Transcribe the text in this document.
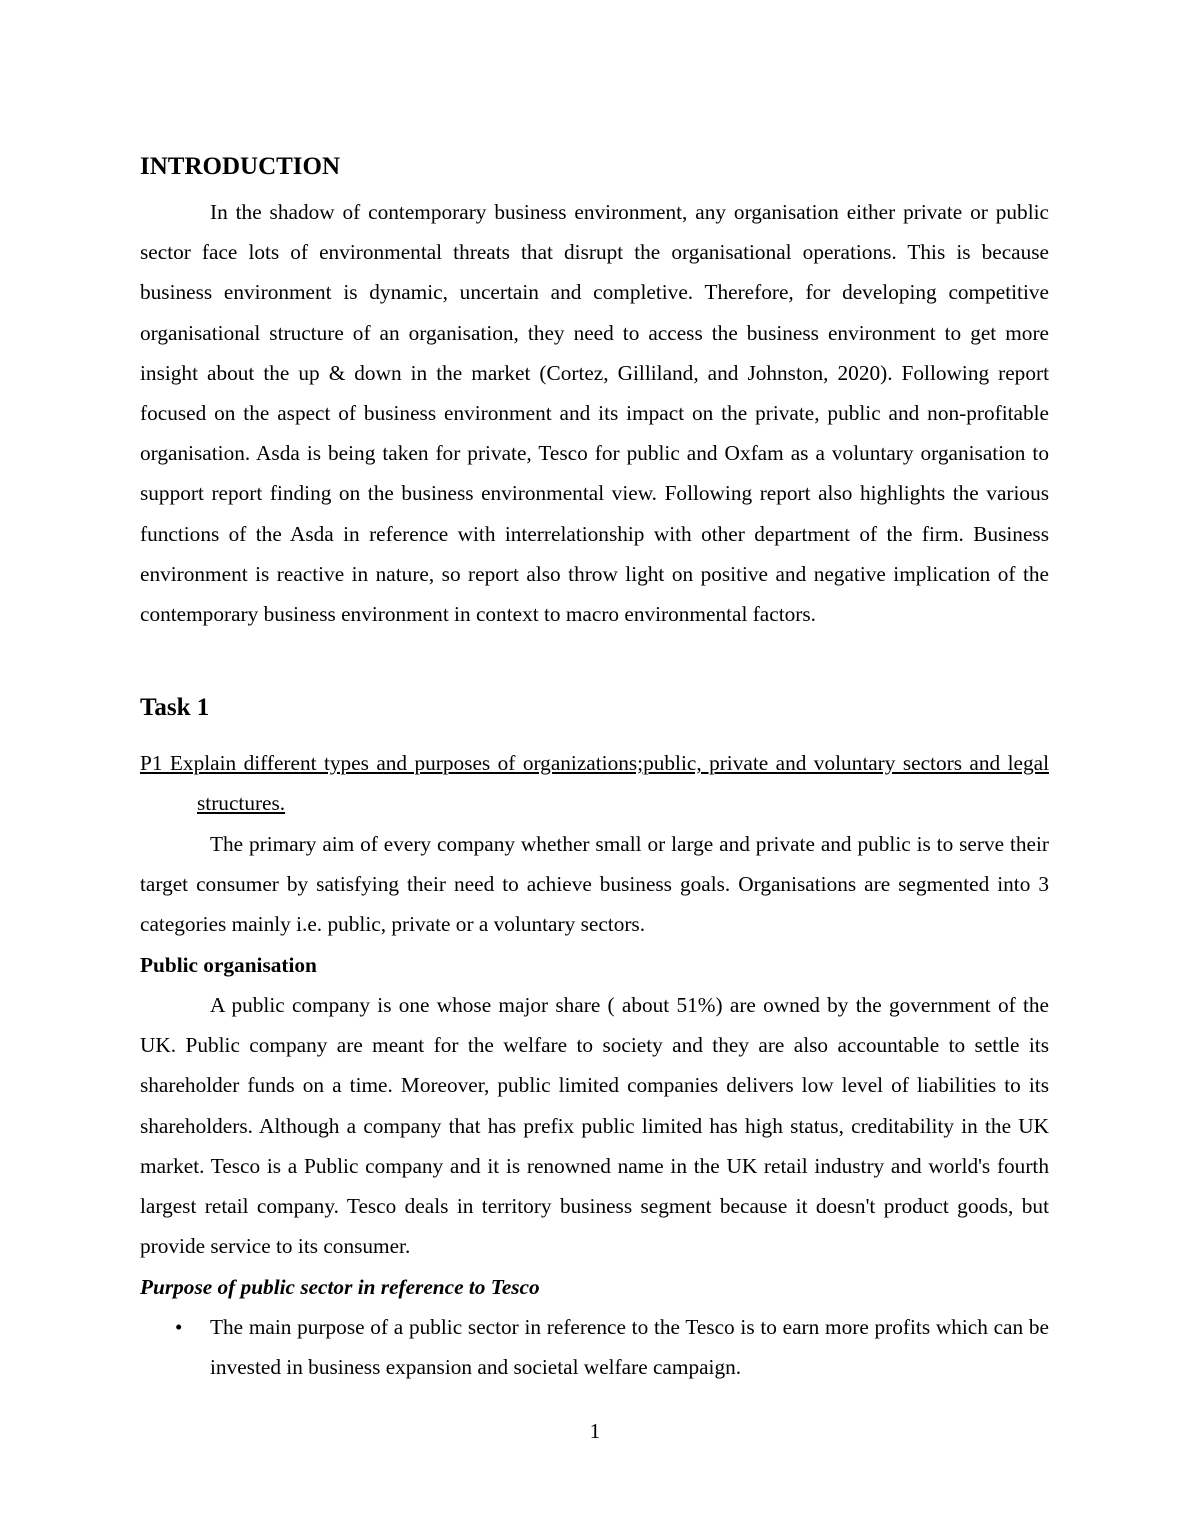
INTRODUCTION

In the shadow of contemporary business environment, any organisation either private or public sector face lots of environmental threats that disrupt the organisational operations. This is because business environment is dynamic, uncertain and completive. Therefore, for developing competitive organisational structure of an organisation, they need to access the business environment to get more insight about the up & down in the market (Cortez, Gilliland, and Johnston, 2020). Following report focused on the aspect of business environment and its impact on the private, public and non-profitable organisation. Asda is being taken for private, Tesco for public and Oxfam as a voluntary organisation to support report finding on the business environmental view. Following report also highlights the various functions of the Asda in reference with interrelationship with other department of the firm. Business environment is reactive in nature, so report also throw light on positive and negative implication of the contemporary business environment in context to macro environmental factors.

Task 1

P1 Explain different types and purposes of organizations;public, private and voluntary sectors and legal structures.

The primary aim of every company whether small or large and private and public is to serve their target consumer by satisfying their need to achieve business goals. Organisations are segmented into 3 categories mainly i.e. public, private or a voluntary sectors.

Public organisation

A public company is one whose major share ( about 51%) are owned by the government of the UK. Public company are meant for the welfare to society and they are also accountable to settle its shareholder funds on a time. Moreover, public limited companies delivers low level of liabilities to its shareholders. Although a company that has prefix public limited has high status, creditability in the UK market. Tesco is a Public company and it is renowned name in the UK retail industry and world's fourth largest retail company. Tesco deals in territory business segment because it doesn't product goods, but provide service to its consumer.

Purpose of public sector in reference to Tesco

• The main purpose of a public sector in reference to the Tesco is to earn more profits which can be invested in business expansion and societal welfare campaign.
1
